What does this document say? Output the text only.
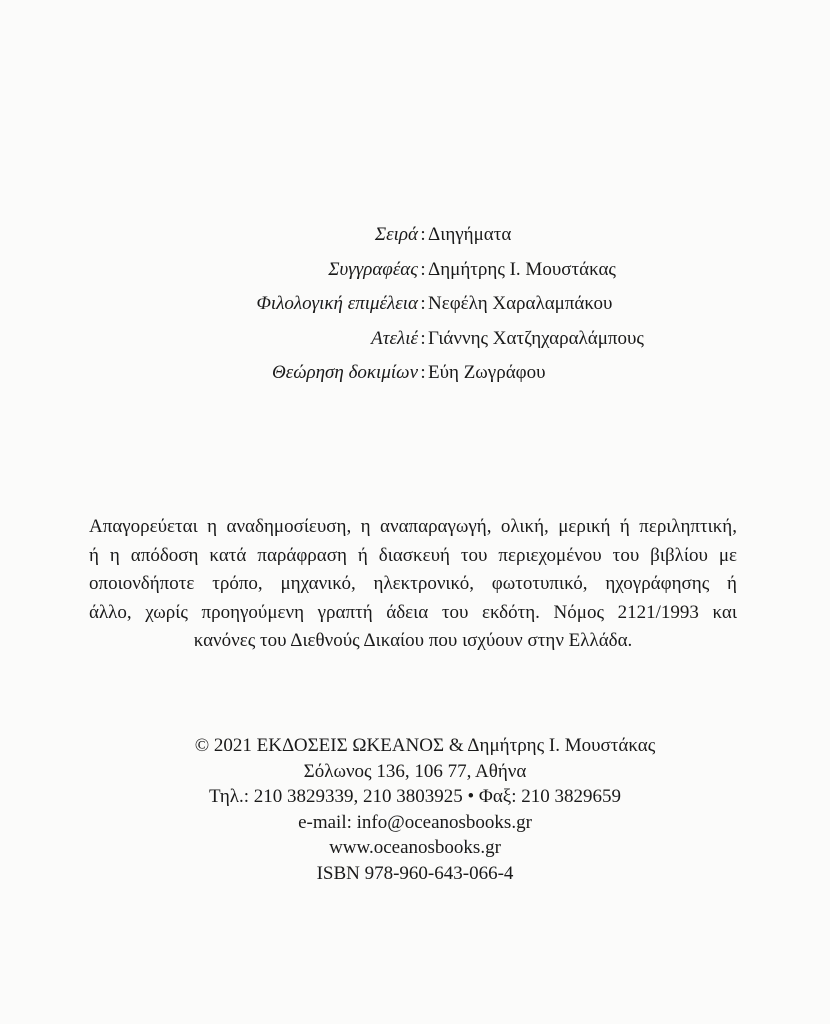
Σειρά : Διηγήματα
Συγγραφέας : Δημήτρης Ι. Μουστάκας
Φιλολογική επιμέλεια : Νεφέλη Χαραλαμπάκου
Ατελιέ : Γιάννης Χατζηχαραλάμπους
Θεώρηση δοκιμίων : Εύη Ζωγράφου
Απαγορεύεται η αναδημοσίευση, η αναπαραγωγή, ολική, μερική ή περιληπτική,
ή η απόδοση κατά παράφραση ή διασκευή του περιεχομένου του βιβλίου με
οποιονδήποτε τρόπο, μηχανικό, ηλεκτρονικό, φωτοτυπικό, ηχογράφησης ή
άλλο, χωρίς προηγούμενη γραπτή άδεια του εκδότη. Νόμος 2121/1993 και
κανόνες του Διεθνούς Δικαίου που ισχύουν στην Ελλάδα.
© 2021 ΕΚΔΟΣΕΙΣ ΩΚΕΑΝΟΣ & Δημήτρης Ι. Μουστάκας
Σόλωνος 136, 106 77, Αθήνα
Τηλ.: 210 3829339, 210 3803925 • Φαξ: 210 3829659
e-mail: info@oceanosbooks.gr
www.oceanosbooks.gr
ISBN 978-960-643-066-4
